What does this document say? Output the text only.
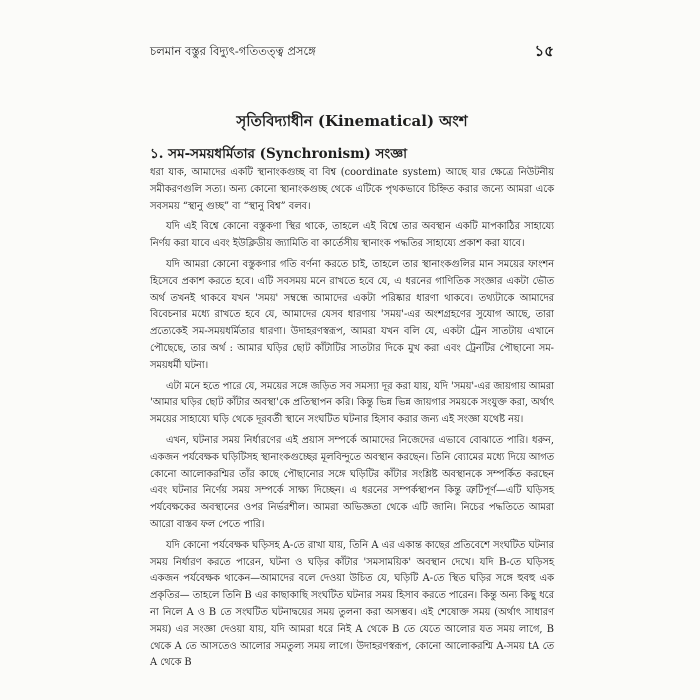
চলমান বস্তুর বিদ্যুৎ-গতিতত্ত্ব প্রসঙ্গে	১৫
সৃতিবিদ্যাধীন (Kinematical) অংশ
১. সম-সময়ধর্মিতার (Synchronism) সংজ্ঞা

ধরা যাক, আমাদের একটি স্থানাংকগুচ্ছ বা বিশ্ব (coordinate system) আছে যার ক্ষেত্রে নিউটনীয় সমীকরণগুলি সত্য। অন্য কোনো স্থানাংকগুচ্ছ থেকে এটিকে পৃথকভাবে চিহ্নিত করার জন্যে আমরা একে সবসময় “স্থানু গুচ্ছ” বা “স্থানু বিশ্ব” বলব।

যদি এই বিশ্বে কোনো বস্তুকণা স্থির থাকে, তাহলে এই বিশ্বে তার অবস্থান একটি মাপকাঠির সাহায্যে নির্ণয় করা যাবে এবং ইউক্লিডীয় জ্যামিতি বা কার্তেসীয় স্থানাংক পদ্ধতির সাহায্যে প্রকাশ করা যাবে।

যদি আমরা কোনো বস্তুকণার গতি বর্ণনা করতে চাই, তাহলে তার স্থানাংকগুলির মান সময়ের ফাংশন হিসেবে প্রকাশ করতে হবে। এটি সবসময় মনে রাখতে হবে যে, এ ধরনের গাণিতিক সংজ্ঞার একটা ভৌত অর্থ তখনই থাকবে যখন 'সময়' সম্বন্ধে আমাদের একটা পরিষ্কার ধারণা থাকবে। তথ্যটাকে আমাদের বিবেচনার মধ্যে রাখতে হবে যে, আমাদের যেসব ধারণায় 'সময়'-এর অংশগ্রহণের সুযোগ আছে, তারা প্রত্যেকেই সম-সময়ধর্মিতার ধারণা। উদাহরণস্বরূপ, আমরা যখন বলি যে, একটা ট্রেন সাতটায় এখানে পৌছেছে, তার অর্থ : আমার ঘড়ির ছোট কাঁটাটির সাতটার দিকে মুখ করা এবং ট্রেনটির পৌছানো সম-সময়ধর্মী ঘটনা।

এটা মনে হতে পারে যে, সময়ের সঙ্গে জড়িত সব সমস্যা দূর করা যায়, যদি 'সময়'-এর জায়গায় আমরা 'আমার ঘড়ির ছোট কাঁটার অবস্থা'কে প্রতিস্থাপন করি। কিন্তু ভিন্ন ভিন্ন জায়গার সময়কে সংযুক্ত করা, অর্থাৎ সময়ের সাহায্যে ঘড়ি থেকে দূরবর্তী স্থানে সংঘটিত ঘটনার হিসাব করার জন্য এই সংজ্ঞা যথেষ্ট নয়।

এখন, ঘটনার সময় নির্ধারণের এই প্রয়াস সম্পর্কে আমাদের নিজেদের এভাবে বোঝাতে পারি। ধরুন, একজন পর্যবেক্ষক ঘড়িটিসহ স্থানাংকগুচ্ছের মূলবিন্দুতে অবস্থান করছেন। তিনি ব্যোমের মধ্যে দিয়ে আগত কোনো আলোকরশ্মির তাঁর কাছে পৌছানোর সঙ্গে ঘড়িটির কাঁটার সংশ্লিষ্ট অবস্থানকে সম্পর্কিত করছেন এবং ঘটনার নির্ণেয় সময় সম্পর্কে সাক্ষ্য দিচ্ছেন। এ ধরনের সম্পর্কস্থাপন কিন্তু ত্রুটিপূর্ণ—এটি ঘড়িসহ পর্যবেক্ষকের অবস্থানের ওপর নির্ভরশীল। আমরা অভিজ্ঞতা থেকে এটি জানি। নিচের পদ্ধতিতে আমরা আরো বাস্তব ফল পেতে পারি।

যদি কোনো পর্যবেক্ষক ঘড়িসহ A-তে রাখা যায়, তিনি A এর একান্ত কাছের প্রতিবেশে সংঘটিত ঘটনার সময় নির্ধারণ করতে পারেন, ঘটনা ও ঘড়ির কাঁটার 'সমসাময়িক' অবস্থান দেখে। যদি B-তে ঘড়িসহ একজন পর্যবেক্ষক থাকেন—আমাদের বলে দেওয়া উচিত যে, ঘড়িটি A-তে স্থিত ঘড়ির সঙ্গে হুবহু এক প্রকৃতির— তাহলে তিনি B এর কাছাকাছি সংঘটিত ঘটনার সময় হিসাব করতে পারেন। কিন্তু অন্য কিছু ধরে না নিলে A ও B তে সংঘটিত ঘটনাদ্বয়ের সময় তুলনা করা অসম্ভব। এই শেষোক্ত সময় (অর্থাৎ সাধারণ সময়) এর সংজ্ঞা দেওয়া যায়, যদি আমরা ধরে নিই A থেকে B তে যেতে আলোর যত সময় লাগে, B থেকে A তে আসতেও আলোর সমতুল্য সময় লাগে। উদাহরণস্বরূপ, কোনো আলোকরশ্মি A-সময় tA তে A থেকে B
